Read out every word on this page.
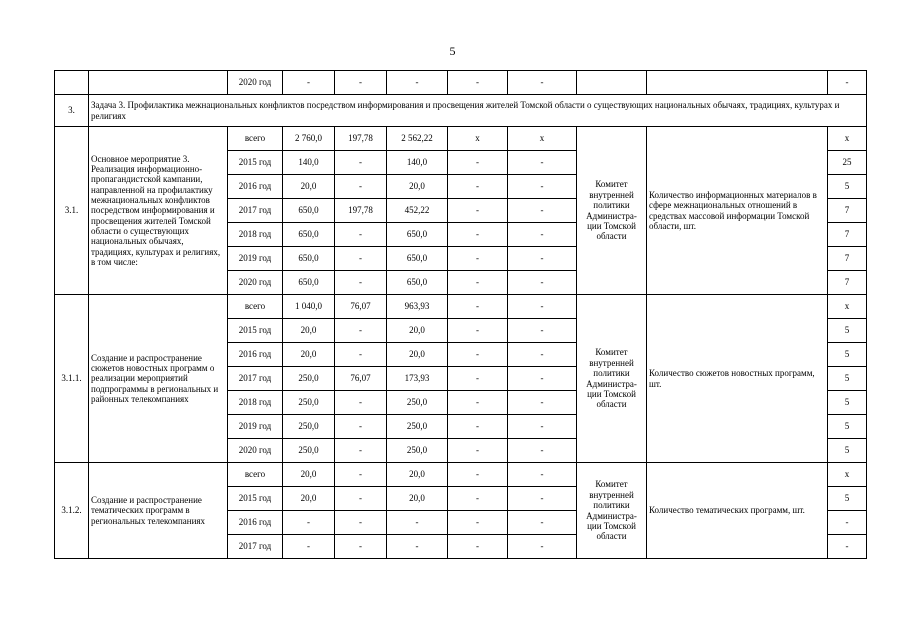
5
		2020 год	-	-	-	-	-			-
3.	Задача 3. Профилактика межнациональных конфликтов посредством информирования и просвещения жителей Томской области о существующих национальных обычаях, традициях, культурах и религиях									
3.1.	Основное мероприятие 3. Реализация информационно-пропагандистской кампании, направленной на профилактику межнациональных конфликтов посредством информирования и просвещения жителей Томской области о существующих национальных обычаях, традициях, культурах и религиях, в том числе:	всего	2 760,0	197,78	2 562,22	х	х	Комитет внутренней политики Администра-ции Томской области	Количество информационных материалов в сфере межнациональных отношений в средствах массовой информации Томской области, шт.	х
		2015 год	140,0	-	140,0	-	-			25
		2016 год	20,0	-	20,0	-	-			5
		2017 год	650,0	197,78	452,22	-	-			7
		2018 год	650,0	-	650,0	-	-			7
		2019 год	650,0	-	650,0	-	-			7
		2020 год	650,0	-	650,0	-	-			7
3.1.1.	Создание и распространение сюжетов новостных программ о реализации мероприятий подпрограммы в региональных и районных телекомпаниях	всего	1 040,0	76,07	963,93	-	-	Комитет внутренней политики Администра-ции Томской области	Количество сюжетов новостных программ, шт.	х
		2015 год	20,0	-	20,0	-	-			5
		2016 год	20,0	-	20,0	-	-			5
		2017 год	250,0	76,07	173,93	-	-			5
		2018 год	250,0	-	250,0	-	-			5
		2019 год	250,0	-	250,0	-	-			5
		2020 год	250,0	-	250,0	-	-			5
3.1.2.	Создание и распространение тематических программ в региональных телекомпаниях	всего	20,0	-	20,0	-	-	Комитет внутренней политики Администра-ции Томской области	Количество тематических программ, шт.	х
		2015 год	20,0	-	20,0	-	-			5
		2016 год	-	-	-	-	-			-
		2017 год	-	-	-	-	-			-
